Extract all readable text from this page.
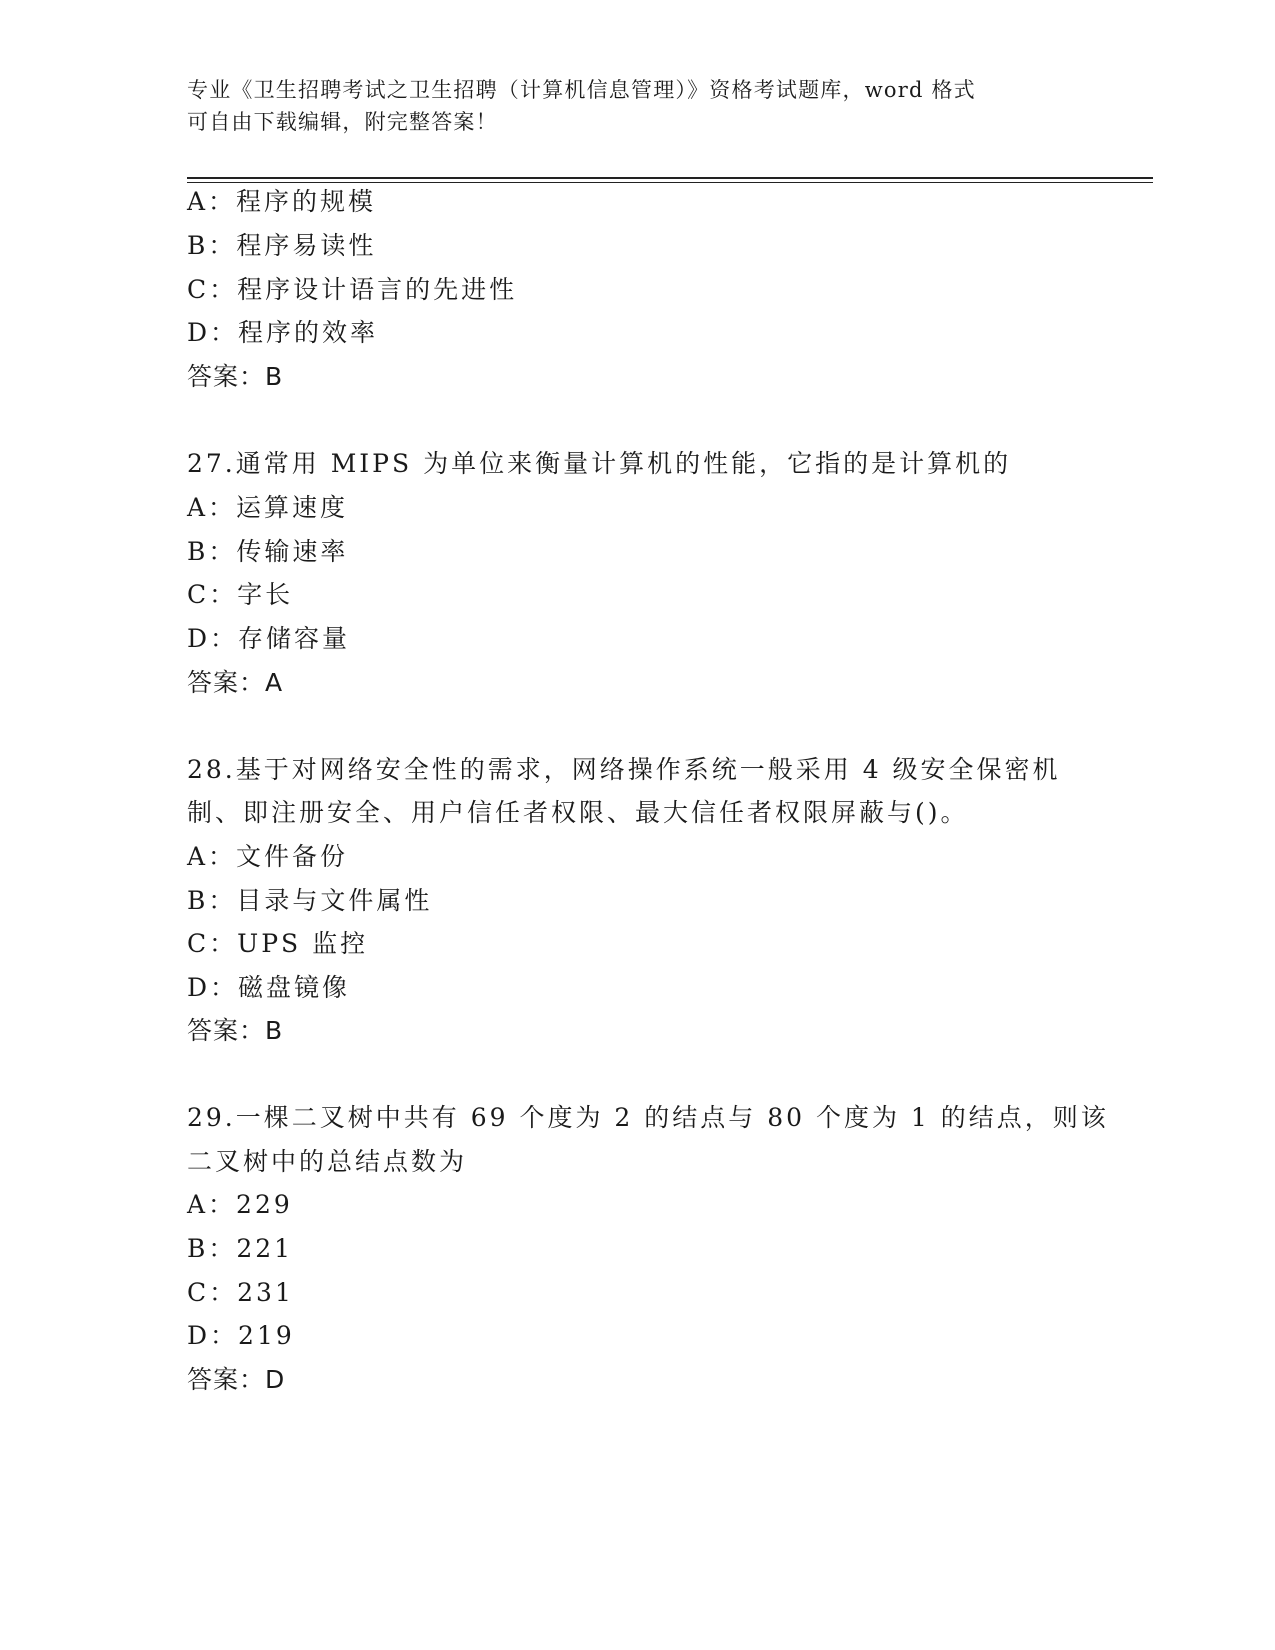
专业《卫生招聘考试之卫生招聘（计算机信息管理）》资格考试题库，word 格式
可自由下载编辑，附完整答案！
A：程序的规模
B：程序易读性
C：程序设计语言的先进性
D：程序的效率
答案：B
27.通常用 MIPS 为单位来衡量计算机的性能，它指的是计算机的
A：运算速度
B：传输速率
C：字长
D：存储容量
答案：A
28.基于对网络安全性的需求，网络操作系统一般采用 4 级安全保密机
制、即注册安全、用户信任者权限、最大信任者权限屏蔽与()。
A：文件备份
B：目录与文件属性
C：UPS 监控
D：磁盘镜像
答案：B
29.一棵二叉树中共有 69 个度为 2 的结点与 80 个度为 1 的结点，则该
二叉树中的总结点数为
A：229
B：221
C：231
D：219
答案：D
